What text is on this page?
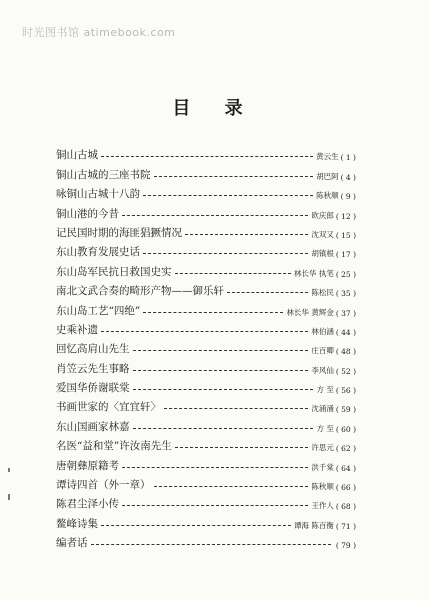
时光图书馆 atimebook.com
目 录
铜山古城	黄云生 ( 1 )
铜山古城的三座书院	胡巴阿 ( 4 )
咏铜山古城十八韵	陈秋顺 ( 9 )
铜山港的今昔	欧庆郎 ( 12 )
记民国时期的海匪猖獗情况	沈双又 ( 15 )
东山教育发展史话	胡镇根 ( 17 )
东山岛军民抗日救国史实	林长华 执笔 ( 25 )
南北文武合奏的畸形产物——御乐轩	陈松民 ( 35 )
东山岛工艺“四绝”	林长华 黄辉金 ( 37 )
史乘补遗	林伯涵 ( 44 )
回忆高肩山先生	庄百卿 ( 48 )
肖笠云先生事略	李风仙 ( 52 )
爱国华侨谢联棠	方 至 ( 56 )
书画世家的〈宜宜轩〉	沈涌涌 ( 59 )
东山国画家林嘉	方 至 ( 60 )
名医“益和堂”许汝南先生	许思元 ( 62 )
唐朝彝原籍考	洪千棠 ( 64 )
谭诗四首（外一章）	陈秋顺 ( 66 )
陈君尘泽小传	王作人 ( 68 )
鳌峰诗集	谭海 陈百衡 ( 71 )
编者话	( 79 )
